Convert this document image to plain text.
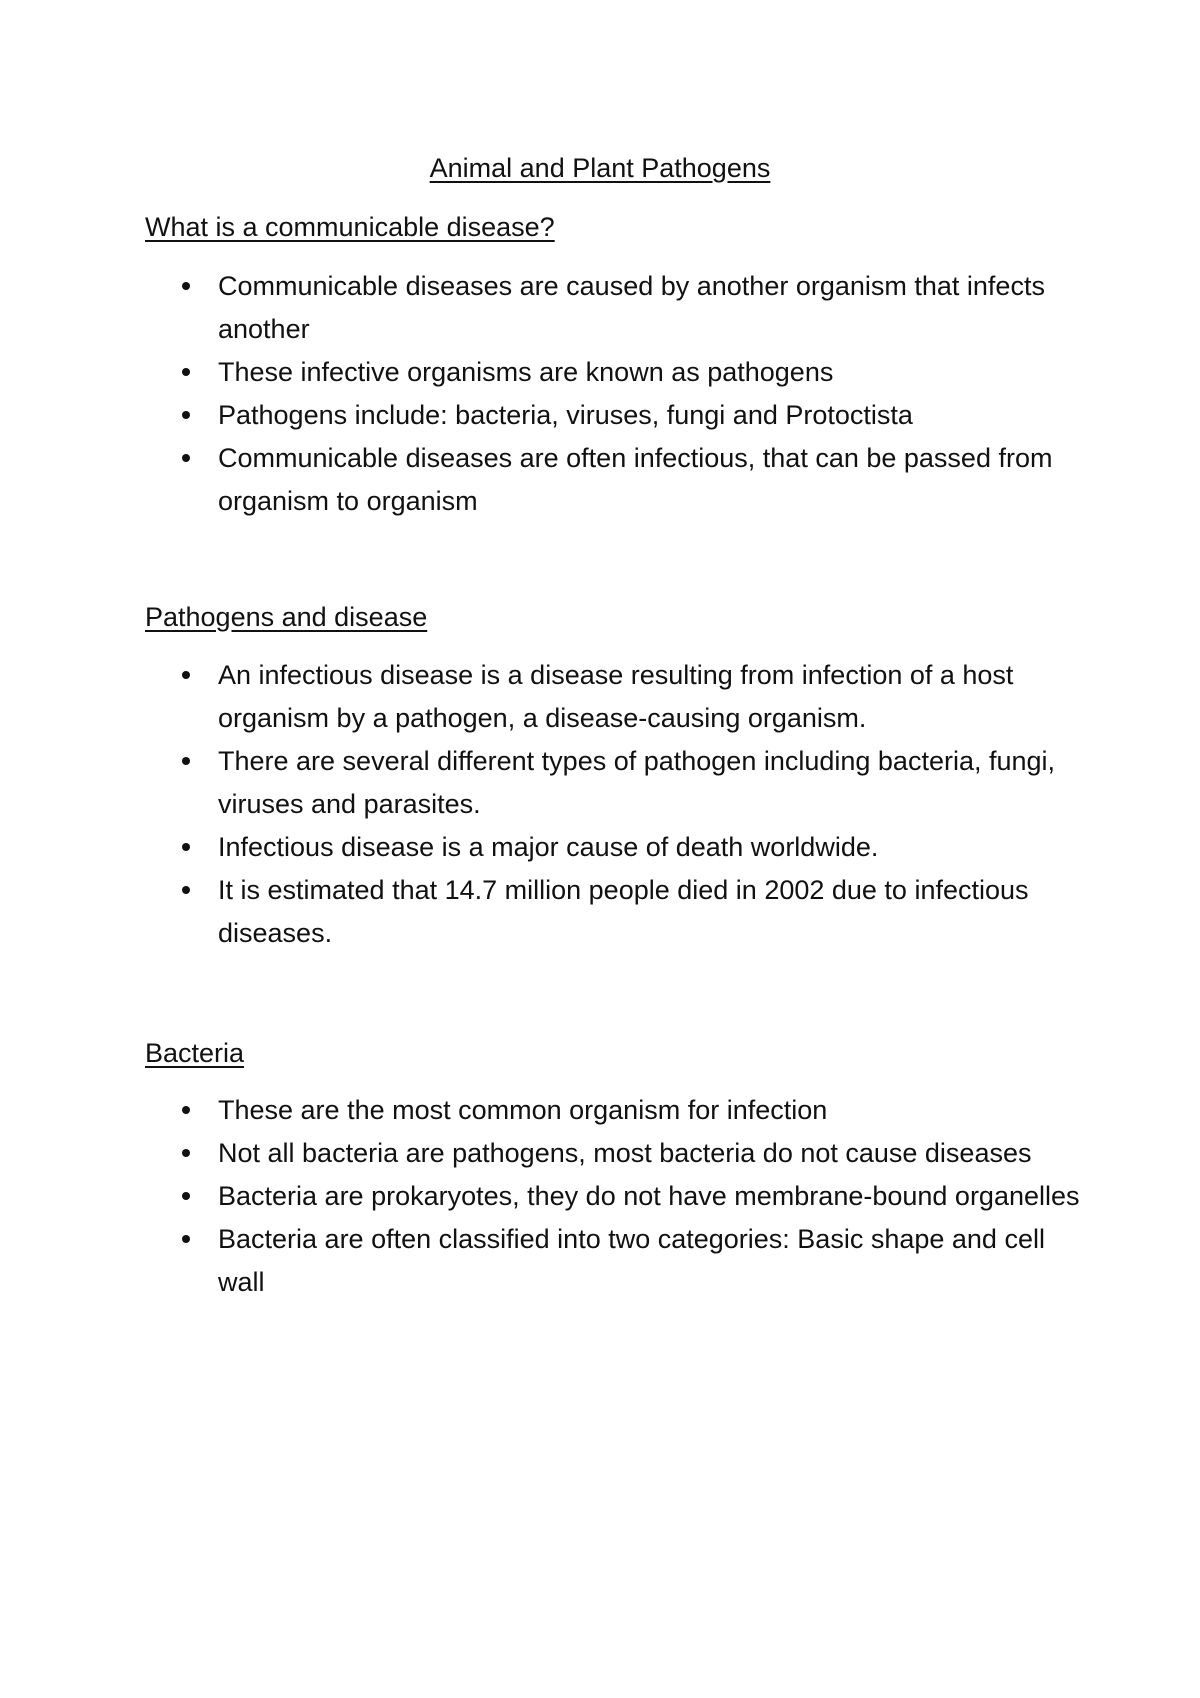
Animal and Plant Pathogens
What is a communicable disease?
Communicable diseases are caused by another organism that infects another
These infective organisms are known as pathogens
Pathogens include: bacteria, viruses, fungi and Protoctista
Communicable diseases are often infectious, that can be passed from organism to organism
Pathogens and disease
An infectious disease is a disease resulting from infection of a host organism by a pathogen, a disease-causing organism.
There are several different types of pathogen including bacteria, fungi, viruses and parasites.
Infectious disease is a major cause of death worldwide.
It is estimated that 14.7 million people died in 2002 due to infectious diseases.
Bacteria
These are the most common organism for infection
Not all bacteria are pathogens, most bacteria do not cause diseases
Bacteria are prokaryotes, they do not have membrane-bound organelles
Bacteria are often classified into two categories: Basic shape and cell wall
